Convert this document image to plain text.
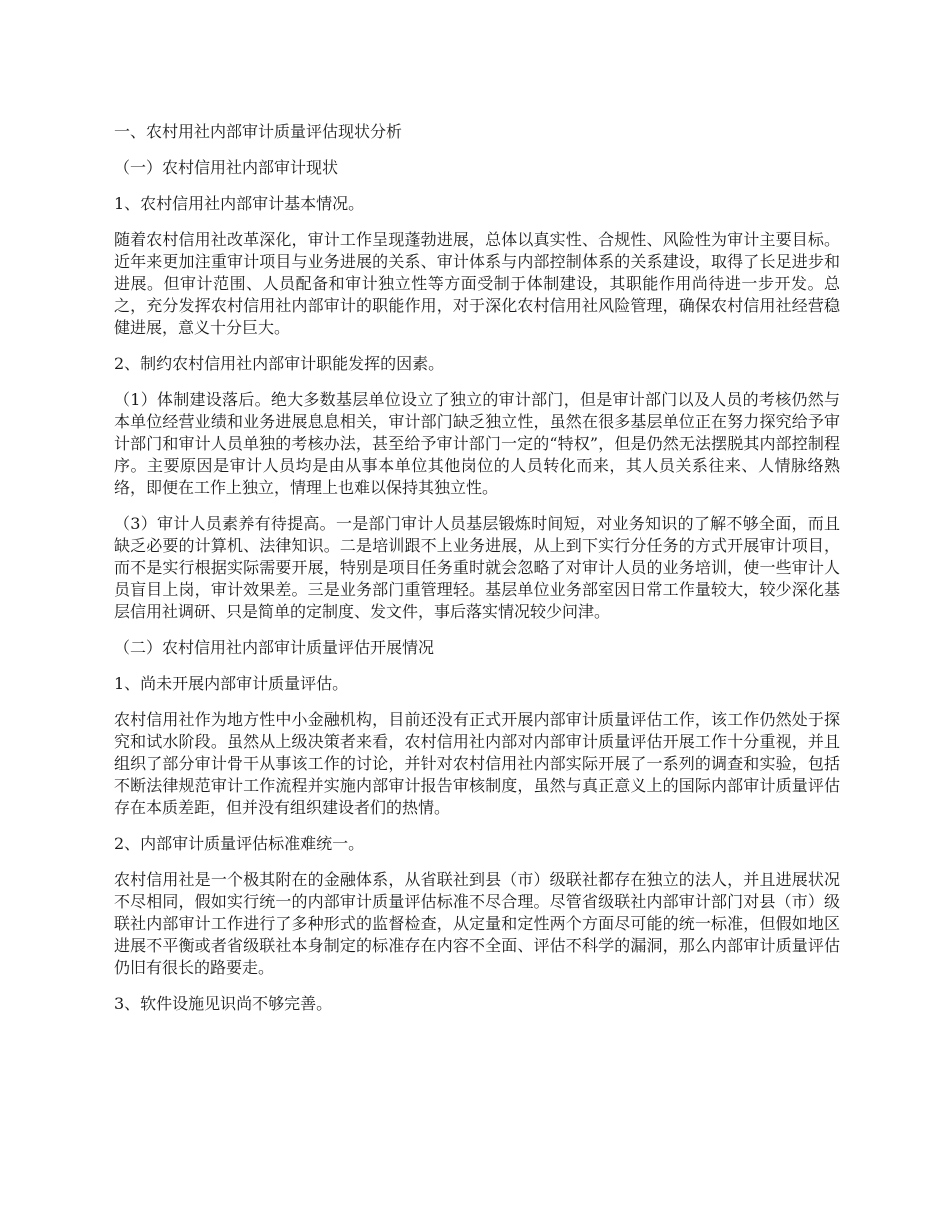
一、农村用社内部审计质量评估现状分析

（一）农村信用社内部审计现状

1、农村信用社内部审计基本情况。

随着农村信用社改革深化，审计工作呈现蓬勃进展，总体以真实性、合规性、风险性为审计主要目标。近年来更加注重审计项目与业务进展的关系、审计体系与内部控制体系的关系建设，取得了长足进步和进展。但审计范围、人员配备和审计独立性等方面受制于体制建设，其职能作用尚待进一步开发。总之，充分发挥农村信用社内部审计的职能作用，对于深化农村信用社风险管理，确保农村信用社经营稳健进展，意义十分巨大。

2、制约农村信用社内部审计职能发挥的因素。

（1）体制建设落后。绝大多数基层单位设立了独立的审计部门，但是审计部门以及人员的考核仍然与本单位经营业绩和业务进展息息相关，审计部门缺乏独立性，虽然在很多基层单位正在努力探究给予审计部门和审计人员单独的考核办法，甚至给予审计部门一定的“特权”，但是仍然无法摆脱其内部控制程序。主要原因是审计人员均是由从事本单位其他岗位的人员转化而来，其人员关系往来、人情脉络熟络，即便在工作上独立，情理上也难以保持其独立性。

（3）审计人员素养有待提高。一是部门审计人员基层锻炼时间短，对业务知识的了解不够全面，而且缺乏必要的计算机、法律知识。二是培训跟不上业务进展，从上到下实行分任务的方式开展审计项目，而不是实行根据实际需要开展，特别是项目任务重时就会忽略了对审计人员的业务培训，使一些审计人员盲目上岗，审计效果差。三是业务部门重管理轻。基层单位业务部室因日常工作量较大，较少深化基层信用社调研、只是简单的定制度、发文件，事后落实情况较少问津。

（二）农村信用社内部审计质量评估开展情况

1、尚未开展内部审计质量评估。

农村信用社作为地方性中小金融机构，目前还没有正式开展内部审计质量评估工作，该工作仍然处于探究和试水阶段。虽然从上级决策者来看，农村信用社内部对内部审计质量评估开展工作十分重视，并且组织了部分审计骨干从事该工作的讨论，并针对农村信用社内部实际开展了一系列的调查和实验，包括不断法律规范审计工作流程并实施内部审计报告审核制度，虽然与真正意义上的国际内部审计质量评估存在本质差距，但并没有组织建设者们的热情。

2、内部审计质量评估标准难统一。

农村信用社是一个极其附在的金融体系，从省联社到县（市）级联社都存在独立的法人，并且进展状况不尽相同，假如实行统一的内部审计质量评估标准不尽合理。尽管省级联社内部审计部门对县（市）级联社内部审计工作进行了多种形式的监督检查，从定量和定性两个方面尽可能的统一标准，但假如地区进展不平衡或者省级联社本身制定的标准存在内容不全面、评估不科学的漏洞，那么内部审计质量评估仍旧有很长的路要走。

3、软件设施见识尚不够完善。
